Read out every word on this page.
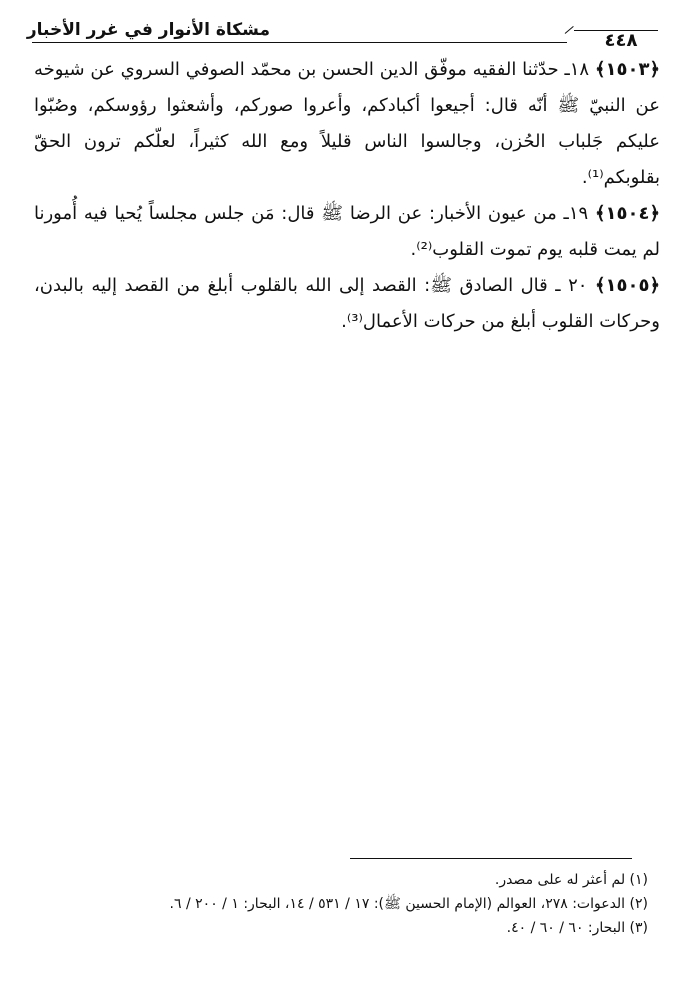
مشكاة الأنوار في غرر الأخبار	٤٤٨

﴿١٥٠٣﴾ ١٨ـ حدّثنا الفقيه موفّق الدين الحسن بن محمّد الصوفي السروي عن شيوخه عن النبيّ ﷺ أنّه قال: أجيعوا أكبادكم، وأعروا صوركم، وأشعثوا رؤوسكم، وصُبّوا عليكم جَلباب الحُزن، وجالسوا الناس قليلاً ومع الله كثيراً، لعلّكم ترون الحقّ بقلوبكم⁽¹⁾.

﴿١٥٠٤﴾ ١٩ـ من عيون الأخبار: عن الرضا ﷺ قال: مَن جلس مجلساً يُحيا فيه أُمورنا لم يمت قلبه يوم تموت القلوب⁽²⁾.

﴿١٥٠٥﴾ ٢٠ ـ قال الصادق ﷺ: القصد إلى الله بالقلوب أبلغ من القصد إليه بالبدن، وحركات القلوب أبلغ من حركات الأعمال⁽³⁾.

(١) لم أعثر له على مصدر.

(٢) الدعوات: ٢٧٨، العوالم (الإمام الحسين ﷺ): ١٧ / ٥٣١ / ١٤، البحار: ١ / ٢٠٠ / ٦.

(٣) البحار: ٦٠ / ٦٠ / ٤٠.
